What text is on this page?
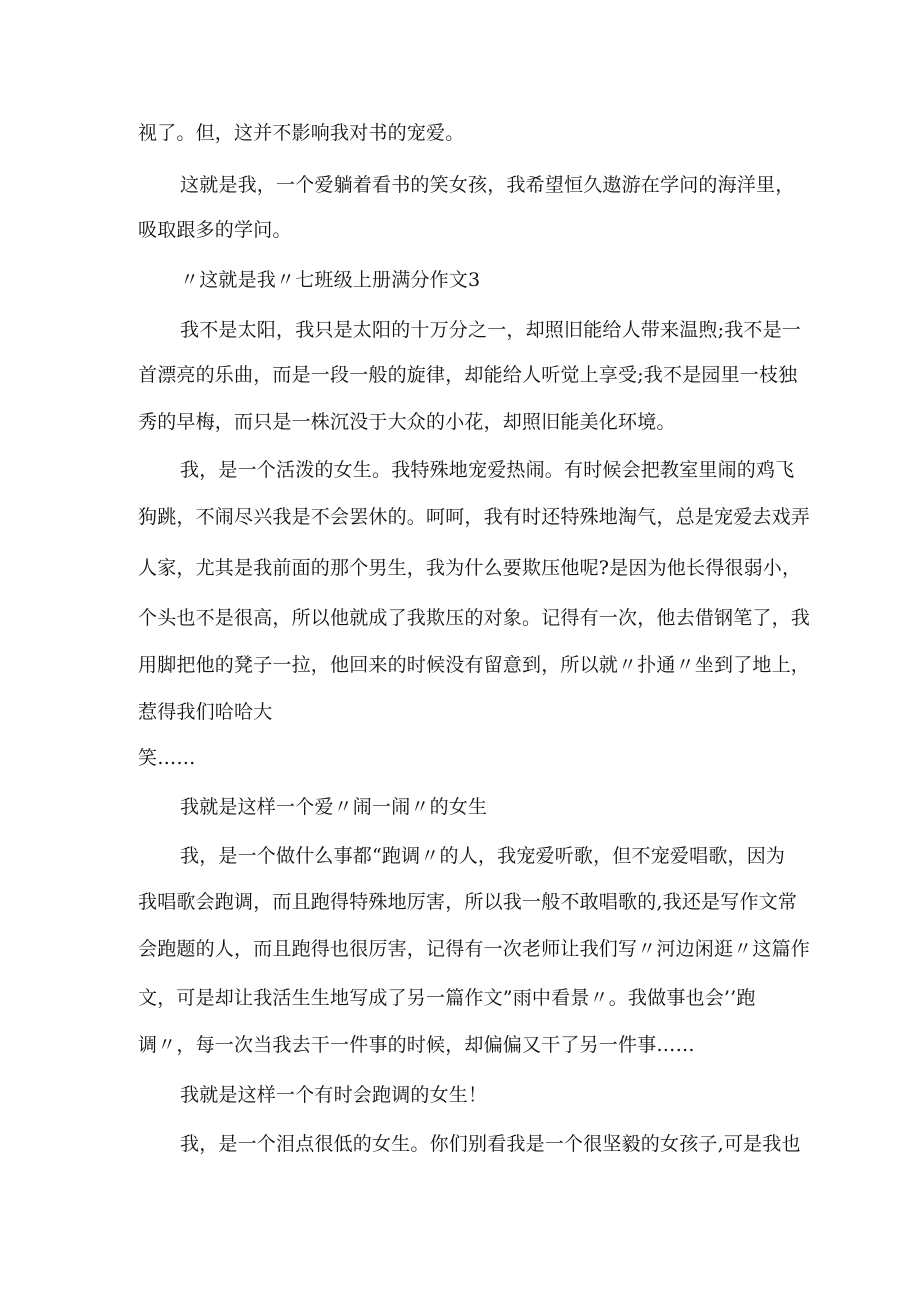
视了。但，这并不影响我对书的宠爱。
这就是我，一个爱躺着看书的笑女孩，我希望恒久遨游在学问的海洋里，
吸取跟多的学问。
〃这就是我〃七班级上册满分作文3
我不是太阳，我只是太阳的十万分之一，却照旧能给人带来温煦;我不是一
首漂亮的乐曲，而是一段一般的旋律，却能给人听觉上享受;我不是园里一枝独
秀的早梅，而只是一株沉没于大众的小花，却照旧能美化环境。
我，是一个活泼的女生。我特殊地宠爱热闹。有时候会把教室里闹的鸡飞
狗跳，不闹尽兴我是不会罢休的。呵呵，我有时还特殊地淘气，总是宠爱去戏弄
人家，尤其是我前面的那个男生，我为什么要欺压他呢?是因为他长得很弱小，
个头也不是很高，所以他就成了我欺压的对象。记得有一次，他去借钢笔了，我
用脚把他的凳子一拉，他回来的时候没有留意到，所以就〃扑通〃坐到了地上，
惹得我们哈哈大
笑……
我就是这样一个爱〃闹一闹〃的女生
我，是一个做什么事都“跑调〃的人，我宠爱听歌，但不宠爱唱歌，因为
我唱歌会跑调，而且跑得特殊地厉害，所以我一般不敢唱歌的,我还是写作文常
会跑题的人，而且跑得也很厉害，记得有一次老师让我们写〃河边闲逛〃这篇作
文，可是却让我活生生地写成了另一篇作文”雨中看景〃。我做事也会’’跑
调〃，每一次当我去干一件事的时候，却偏偏又干了另一件事……
我就是这样一个有时会跑调的女生！
我，是一个泪点很低的女生。你们别看我是一个很坚毅的女孩子,可是我也
